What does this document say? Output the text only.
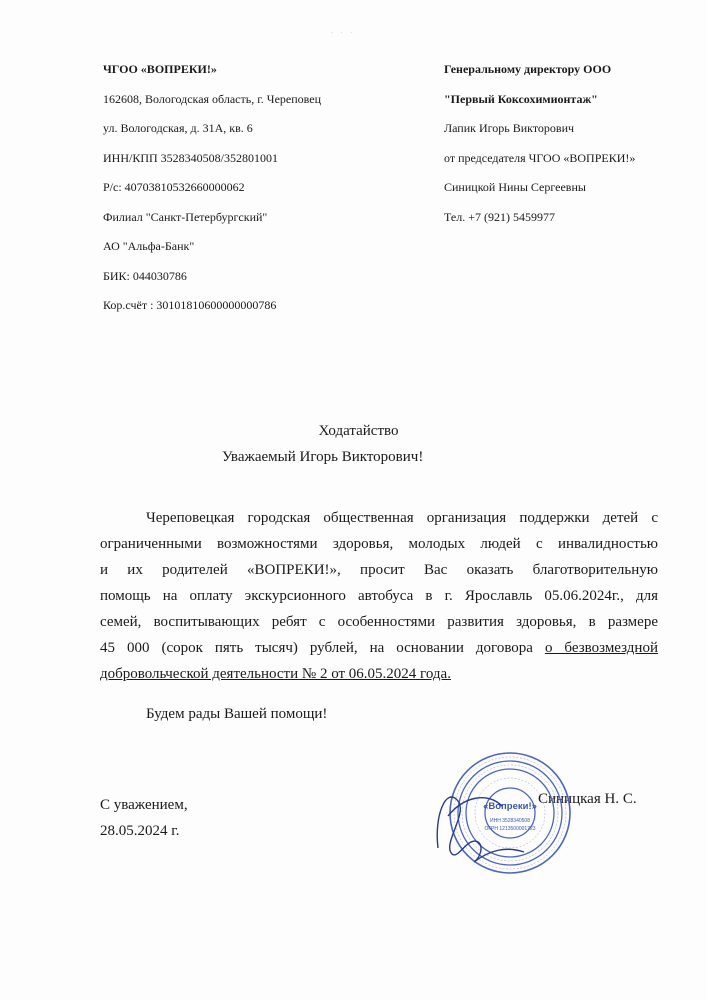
· · ·
ЧГОО «ВОПРЕКИ!»
162608, Вологодская область, г. Череповец
ул. Вологодская, д. 31А, кв. 6
ИНН/КПП 3528340508/352801001
Р/с: 40703810532660000062
Филиал "Санкт-Петербургский"
АО "Альфа-Банк"
БИК: 044030786
Кор.счёт : 30101810600000000786
Генеральному директору ООО
"Первый Коксохимионтаж"
Лапик Игорь Викторович
от председателя ЧГОО «ВОПРЕКИ!»
Синицкой Нины Сергеевны
Тел. +7 (921) 5459977
Ходатайство
Уважаемый Игорь Викторович!
Череповецкая городская общественная организация поддержки детей с
ограниченными возможностями здоровья, молодых людей с инвалидностью
и их родителей «ВОПРЕКИ!», просит Вас оказать благотворительную
помощь на оплату экскурсионного автобуса в г. Ярославль 05.06.2024г., для
семей, воспитывающих ребят с особенностями развития здоровья, в размере
45 000 (сорок пять тысяч) рублей, на основании договора о безвозмездной
добровольческой деятельности № 2 от 06.05.2024 года.
Будем рады Вашей помощи!
С уважением,
28.05.2024 г.
Синицкая Н. С.
«Вопреки!»
ИНН 3528340508
ОГРН 1213500001723
